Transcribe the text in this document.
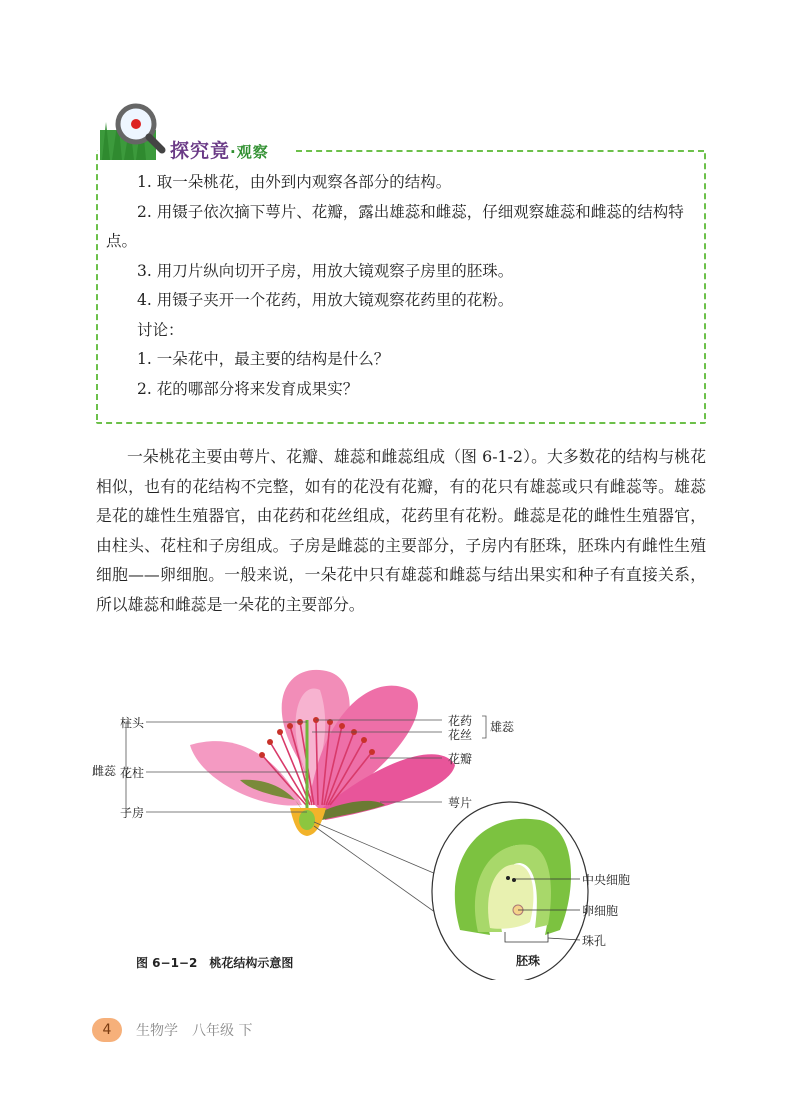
探究竟·观察

1. 取一朵桃花，由外到内观察各部分的结构。

2. 用镊子依次摘下萼片、花瓣，露出雄蕊和雌蕊，仔细观察雄蕊和雌蕊的结构特点。

3. 用刀片纵向切开子房，用放大镜观察子房里的胚珠。

4. 用镊子夹开一个花药，用放大镜观察花药里的花粉。

讨论：

1. 一朵花中，最主要的结构是什么？

2. 花的哪部分将来发育成果实？

一朵桃花主要由萼片、花瓣、雄蕊和雌蕊组成（图 6-1-2）。大多数花的结构与桃花相似，也有的花结构不完整，如有的花没有花瓣，有的花只有雄蕊或只有雌蕊等。雄蕊是花的雄性生殖器官，由花药和花丝组成，花药里有花粉。雌蕊是花的雌性生殖器官，由柱头、花柱和子房组成。子房是雌蕊的主要部分，子房内有胚珠，胚珠内有雌性生殖细胞——卵细胞。一般来说，一朵花中只有雄蕊和雌蕊与结出果实和种子有直接关系，所以雄蕊和雌蕊是一朵花的主要部分。

柱头
雌蕊 花柱
子房
花药
花丝
雄蕊
花瓣
萼片
中央细胞
卵细胞
珠孔
胚珠
图 6−1−2　桃花结构示意图
4	生物学　八年级 下
